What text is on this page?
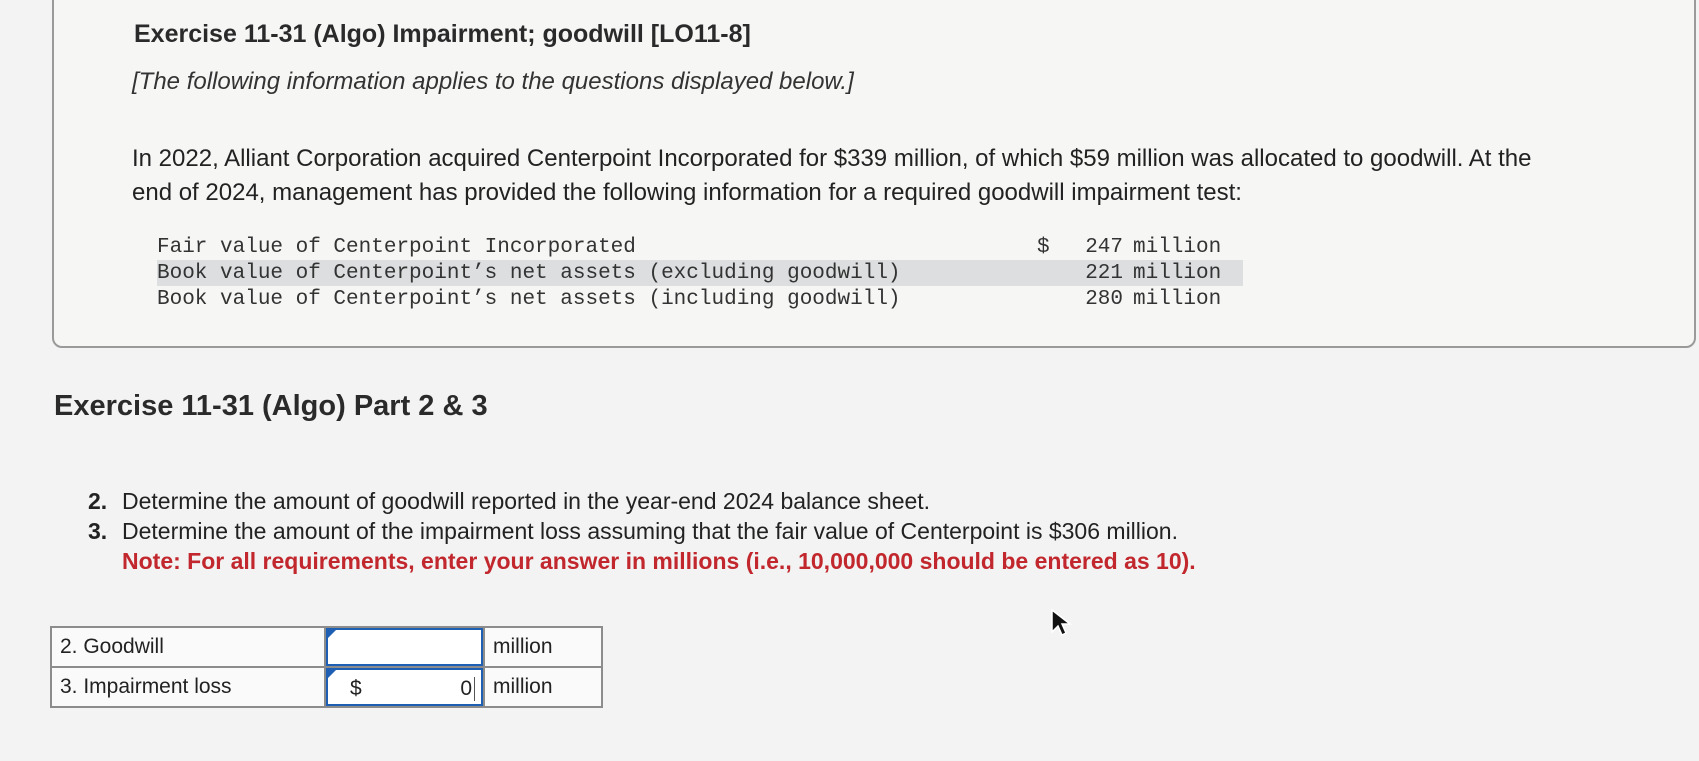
Exercise 11-31 (Algo) Impairment; goodwill [LO11-8]

[The following information applies to the questions displayed below.]

In 2022, Alliant Corporation acquired Centerpoint Incorporated for $339 million, of which $59 million was allocated to goodwill. At the end of 2024, management has provided the following information for a required goodwill impairment test:

Fair value of Centerpoint Incorporated	$	247	million
Book value of Centerpoint’s net assets (excluding goodwill)		221	million
Book value of Centerpoint’s net assets (including goodwill)		280	million
Exercise 11-31 (Algo) Part 2 & 3
2. Determine the amount of goodwill reported in the year-end 2024 balance sheet.
3. Determine the amount of the impairment loss assuming that the fair value of Centerpoint is $306 million.
Note: For all requirements, enter your answer in millions (i.e., 10,000,000 should be entered as 10).
2. Goodwill		million
3. Impairment loss	$ 0	million
